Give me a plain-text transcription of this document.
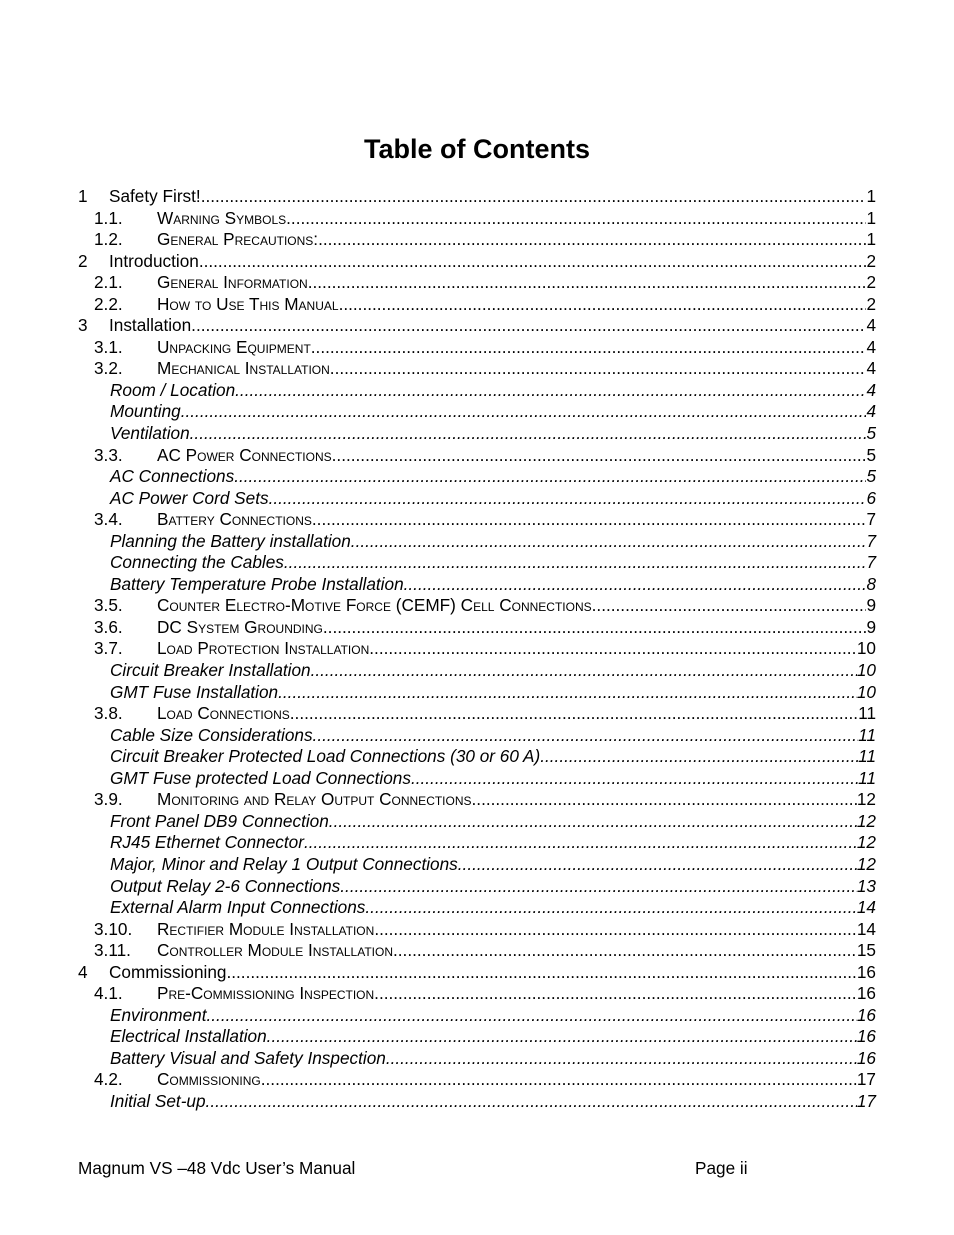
Table of Contents
1	Safety First! .....	1
1.1.	Warning Symbols .....	1
1.2.	General Precautions: .....	1
2	Introduction .....	2
2.1.	General Information .....	2
2.2.	How to Use This Manual .....	2
3	Installation .....	4
3.1.	Unpacking Equipment .....	4
3.2.	Mechanical Installation .....	4
Room / Location .....	4
Mounting .....	4
Ventilation .....	5
3.3.	AC Power Connections .....	5
AC Connections .....	5
AC Power Cord Sets .....	6
3.4.	Battery Connections .....	7
Planning the Battery installation. .....	7
Connecting the Cables .....	7
Battery Temperature Probe Installation .....	8
3.5.	Counter Electro-Motive Force (CEMF) Cell Connections .....	9
3.6.	DC System Grounding .....	9
3.7.	Load Protection Installation .....	10
Circuit Breaker Installation .....	10
GMT Fuse Installation .....	10
3.8.	Load Connections .....	11
Cable Size Considerations .....	11
Circuit Breaker Protected Load Connections (30 or 60 A) .....	11
GMT Fuse protected Load Connections .....	11
3.9.	Monitoring and Relay Output Connections .....	12
Front Panel DB9 Connection .....	12
RJ45 Ethernet Connector .....	12
Major, Minor and Relay 1 Output Connections .....	12
Output Relay 2-6 Connections .....	13
External Alarm Input Connections .....	14
3.10.	Rectifier Module Installation .....	14
3.11.	Controller Module Installation .....	15
4	Commissioning .....	16
4.1.	Pre-Commissioning Inspection .....	16
Environment. .....	16
Electrical Installation .....	16
Battery Visual and Safety Inspection .....	16
4.2.	Commissioning. .....	17
Initial Set-up .....	17
Magnum VS –48 Vdc User’s Manual	Page ii
